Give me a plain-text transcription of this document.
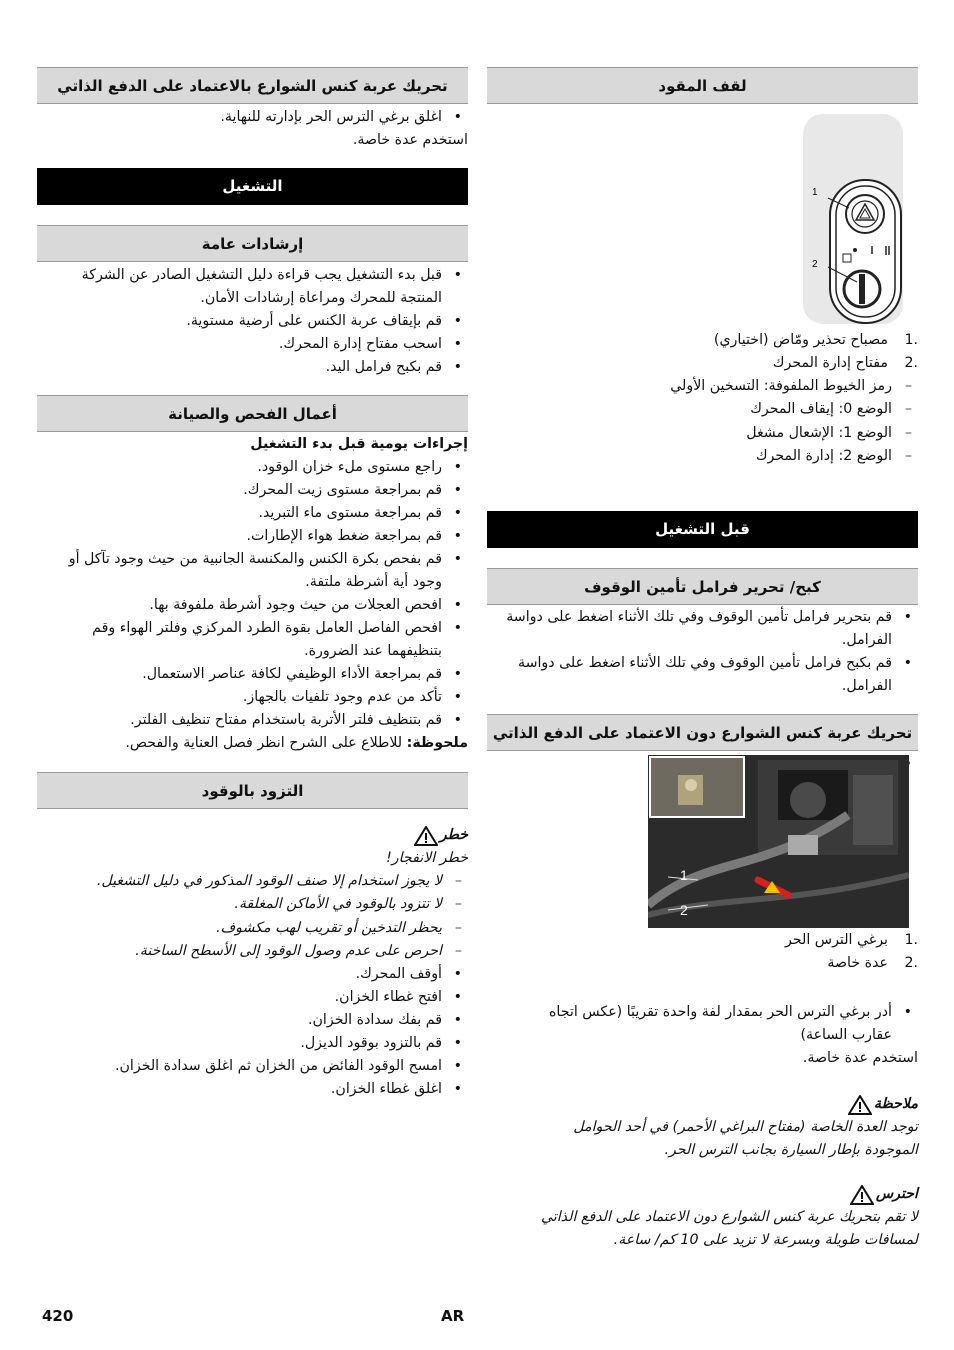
لقف المقود
1
2
1.
مصباح تحذير ومّاض (اختياري)
2.
مفتاح إدارة المحرك
– رمز الخيوط الملفوفة: التسخين الأولي
– الوضع 0: إيقاف المحرك
– الوضع 1: الإشعال مشغل
– الوضع 2: إدارة المحرك
قبل التشغيل
كبح/ تحرير فرامل تأمين الوقوف
• قم بتحرير فرامل تأمين الوقوف وفي تلك الأثناء اضغط على دواسة الفرامل.
• قم بكبح فرامل تأمين الوقوف وفي تلك الأثناء اضغط على دواسة الفرامل.
تحريك عربة كنس الشوارع دون الاعتماد على الدفع الذاتي
•
1
2
1.
برغي الترس الحر
2.
عدة خاصة
• أدر برغي الترس الحر بمقدار لفة واحدة تقريبًا (عكس اتجاه عقارب الساعة)
استخدم عدة خاصة.
ملاحظة
توجد العدة الخاصة (مفتاح البراغي الأحمر) في أحد الحوامل
الموجودة بإطار السيارة بجانب الترس الحر.
احترس
لا تقم بتحريك عربة كنس الشوارع دون الاعتماد على الدفع الذاتي
لمسافات طويلة وبسرعة لا تزيد على 10 كم/ ساعة.
تحريك عربة كنس الشوارع بالاعتماد على الدفع الذاتي
• اغلق برغي الترس الحر بإدارته للنهاية.
استخدم عدة خاصة.
التشغيل
إرشادات عامة
• قبل بدء التشغيل يجب قراءة دليل التشغيل الصادر عن الشركة
المنتجة للمحرك ومراعاة إرشادات الأمان.
• قم بإيقاف عربة الكنس على أرضية مستوية.
• اسحب مفتاح إدارة المحرك.
• قم بكبح فرامل اليد.
أعمال الفحص والصيانة
إجراءات يومية قبل بدء التشغيل
• راجع مستوى ملء خزان الوقود.
• قم بمراجعة مستوى زيت المحرك.
• قم بمراجعة مستوى ماء التبريد.
• قم بمراجعة ضغط هواء الإطارات.
• قم بفحص بكرة الكنس والمكنسة الجانبية من حيث وجود تآكل أو
وجود أية أشرطة ملتفة.
• افحص العجلات من حيث وجود أشرطة ملفوفة بها.
• افحص الفاصل العامل بقوة الطرد المركزي وفلتر الهواء وقم
بتنظيفهما عند الضرورة.
• قم بمراجعة الأداء الوظيفي لكافة عناصر الاستعمال.
• تأكد من عدم وجود تلفيات بالجهاز.
• قم بتنظيف فلتر الأتربة باستخدام مفتاح تنظيف الفلتر.
ملحوظة: للاطلاع على الشرح انظر فصل العناية والفحص.
التزود بالوقود
خطر
خطر الانفجار!
– لا يجوز استخدام إلا صنف الوقود المذكور في دليل التشغيل.
– لا تتزود بالوقود في الأماكن المغلقة.
– يحظر التدخين أو تقريب لهب مكشوف.
– احرص على عدم وصول الوقود إلى الأسطح الساخنة.
• أوقف المحرك.
• افتح غطاء الخزان.
• قم بفك سدادة الخزان.
• قم بالتزود بوقود الديزل.
• امسح الوقود الفائض من الخزان ثم اغلق سدادة الخزان.
• اغلق غطاء الخزان.
420	AR
